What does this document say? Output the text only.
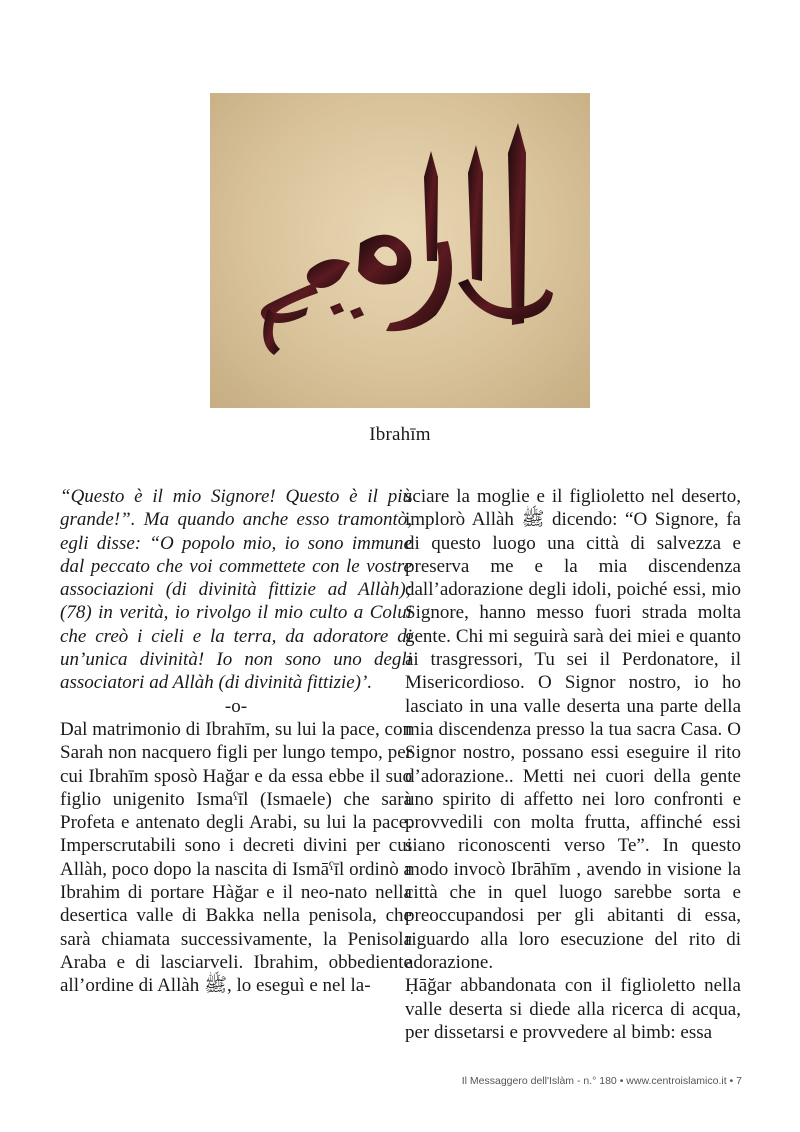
Ibrahīm

“Questo è il mio Signore! Questo è il più grande!”. Ma quando anche esso tramontò, egli disse: “O popolo mio, io sono immune dal peccato che voi commettete con le vostre associazioni (di divinità fittizie ad Allàh); (78) in verità, io rivolgo il mio culto a Colui che creò i cieli e la terra, da adoratore di un’unica divinità! Io non sono uno degli associatori ad Allàh (di divinità fittizie)’.

-o-

Dal matrimonio di Ibrahīm, su lui la pace, con Sarah non nacquero figli per lungo tempo, per cui Ibrahīm sposò Hağar e da essa ebbe il suo figlio unigenito Ismaˁīl (Ismaele) che sarà Profeta e antenato degli Arabi, su lui la pace. Imperscrutabili sono i decreti divini per cui Allàh, poco dopo la nascita di Ismāˁīl ordinò a Ibrahim di portare Hàğar e il neo-nato nella desertica valle di Bakka nella penisola, che sarà chiamata successivamente, la Penisola Araba e di lasciarveli. Ibrahim, obbediente all’ordine di Allàh ﷺ, lo eseguì e nel la-

sciare la moglie e il figlioletto nel deserto, implorò Allàh ﷺ dicendo: “O Signore, fa di questo luogo una città di salvezza e preserva me e la mia discendenza dall’adorazione degli idoli, poiché essi, mio Signore, hanno messo fuori strada molta gente. Chi mi seguirà sarà dei miei e quanto ai trasgressori, Tu sei il Perdonatore, il Misericordioso. O Signor nostro, io ho lasciato in una valle deserta una parte della mia discendenza presso la tua sacra Casa. O Signor nostro, possano essi eseguire il rito d’adorazione.. Metti nei cuori della gente uno spirito di affetto nei loro confronti e provvedili con molta frutta, affinché essi siano riconoscenti verso Te”. In questo modo invocò Ibrāhīm , avendo in visione la città che in quel luogo sarebbe sorta e preoccupandosi per gli abitanti di essa, riguardo alla loro esecuzione del rito di adorazione.

Ḥāğar abbandonata con il figlioletto nella valle deserta si diede alla ricerca di acqua, per dissetarsi e provvedere al bimb: essa

Il Messaggero dell'Islàm - n.° 180 • www.centroislamico.it • 7
